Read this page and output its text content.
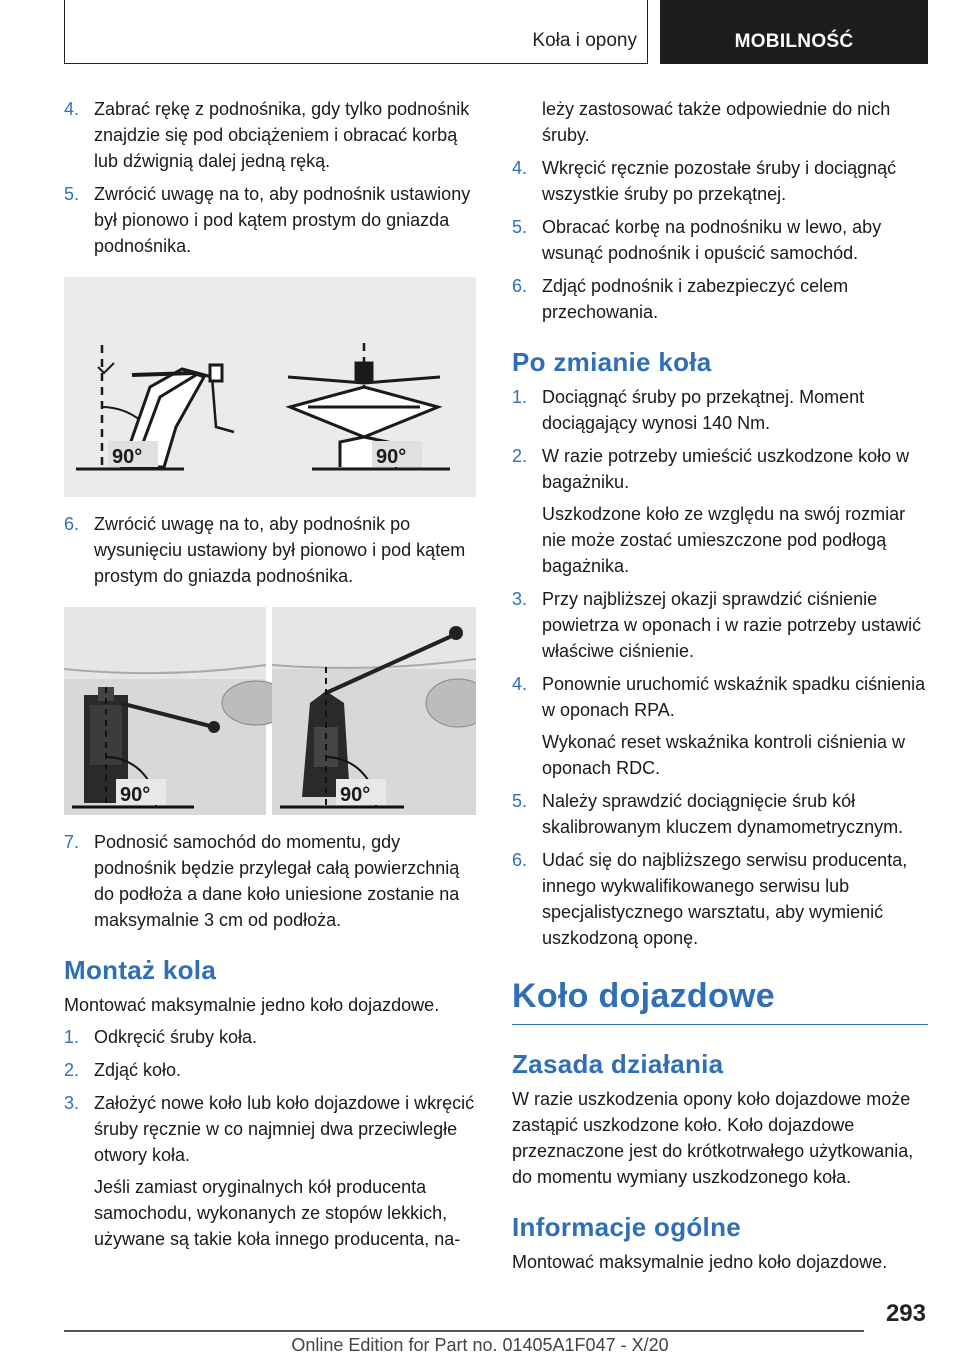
Koła i opony	MOBILNOŚĆ
4. Zabrać rękę z podnośnika, gdy tylko podnośnik znajdzie się pod obciążeniem i obracać korbą lub dźwignią dalej jedną ręką.

5. Zwrócić uwagę na to, aby podnośnik ustawiony był pionowo i pod kątem prostym do gniazda podnośnika.

90°	90°
6. Zwrócić uwagę na to, aby podnośnik po wysunięciu ustawiony był pionowo i pod kątem prostym do gniazda podnośnika.

90°	90°
7. Podnosić samochód do momentu, gdy podnośnik będzie przylegał całą powierzchnią do podłoża a dane koło uniesione zostanie na maksymalnie 3 cm od podłoża.

Montaż kola

Montować maksymalnie jedno koło dojazdowe.

1. Odkręcić śruby koła.

2. Zdjąć koło.

3. Założyć nowe koło lub koło dojazdowe i wkręcić śruby ręcznie w co najmniej dwa przeciwległe otwory koła.

Jeśli zamiast oryginalnych kół producenta samochodu, wykonanych ze stopów lekkich, używane są takie koła innego producenta, na-

leży zastosować także odpowiednie do nich śruby.

4. Wkręcić ręcznie pozostałe śruby i dociągnąć wszystkie śruby po przekątnej.

5. Obracać korbę na podnośniku w lewo, aby wsunąć podnośnik i opuścić samochód.

6. Zdjąć podnośnik i zabezpieczyć celem przechowania.

Po zmianie koła
1. Dociągnąć śruby po przekątnej. Moment dociągający wynosi 140 Nm.

2. W razie potrzeby umieścić uszkodzone koło w bagażniku.

Uszkodzone koło ze względu na swój rozmiar nie może zostać umieszczone pod podłogą bagażnika.

3. Przy najbliższej okazji sprawdzić ciśnienie powietrza w oponach i w razie potrzeby ustawić właściwe ciśnienie.

4. Ponownie uruchomić wskaźnik spadku ciśnienia w oponach RPA.

Wykonać reset wskaźnika kontroli ciśnienia w oponach RDC.

5. Należy sprawdzić dociągnięcie śrub kół skalibrowanym kluczem dynamometrycznym.

6. Udać się do najbliższego serwisu producenta, innego wykwalifikowanego serwisu lub specjalistycznego warsztatu, aby wymienić uszkodzoną oponę.

Koło dojazdowe
Zasada działania

W razie uszkodzenia opony koło dojazdowe może zastąpić uszkodzone koło. Koło dojazdowe przeznaczone jest do krótkotrwałego użytkowania, do momentu wymiany uszkodzonego koła.

Informacje ogólne

Montować maksymalnie jedno koło dojazdowe.

293
Online Edition for Part no. 01405A1F047 - X/20
